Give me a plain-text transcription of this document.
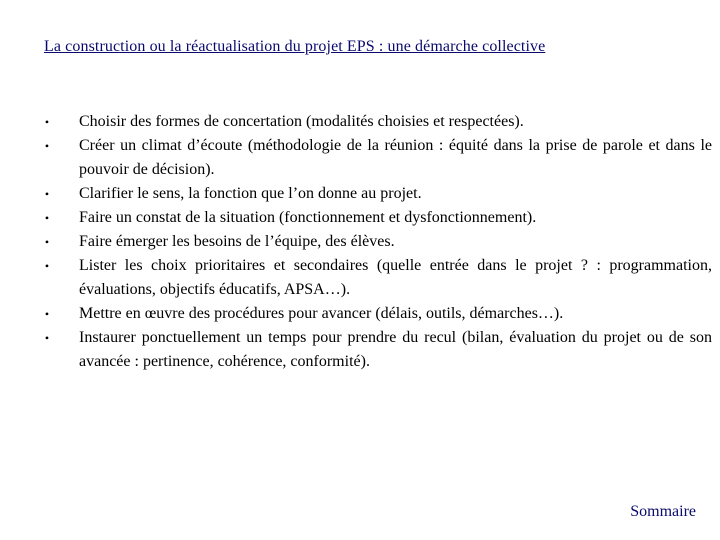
La construction ou la réactualisation du projet EPS : une démarche collective
•	Choisir des formes de concertation (modalités choisies et respectées).
•	Créer un climat d’écoute (méthodologie de la réunion : équité dans la prise de parole et dans le pouvoir de décision).
•	Clarifier le sens, la fonction que l’on donne au projet.
•	Faire un constat de la situation (fonctionnement et dysfonctionnement).
•	Faire émerger les besoins de l’équipe, des élèves.
•	Lister les choix prioritaires et secondaires (quelle entrée dans le projet ? : programmation, évaluations, objectifs éducatifs, APSA…).
•	Mettre en œuvre des procédures pour avancer (délais, outils, démarches…).
•	Instaurer ponctuellement un temps pour prendre du recul (bilan, évaluation du projet ou de son avancée : pertinence, cohérence, conformité).
Sommaire
